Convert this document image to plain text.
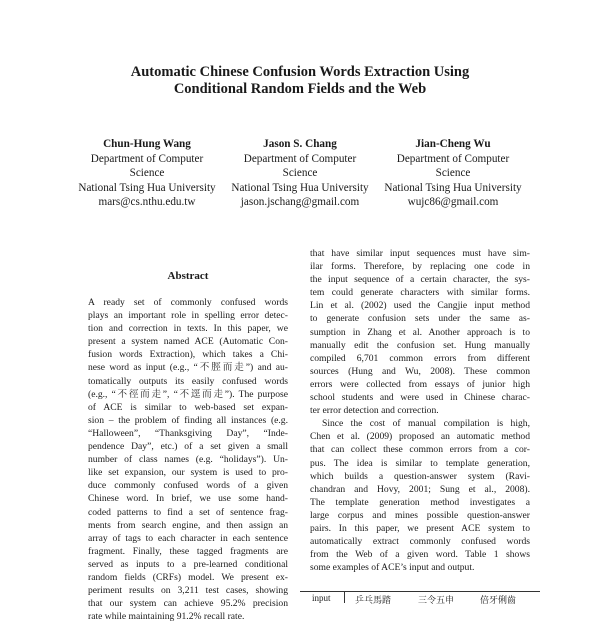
Automatic Chinese Confusion Words Extraction Using
Conditional Random Fields and the Web
Chun-Hung Wang
Department of Computer
Science
National Tsing Hua University
mars@cs.nthu.edu.tw
Jason S. Chang
Department of Computer
Science
National Tsing Hua University
jason.jschang@gmail.com
Jian-Cheng Wu
Department of Computer
Science
National Tsing Hua University
wujc86@gmail.com
Abstract
A ready set of commonly confused words
plays an important role in spelling error detec-
tion and correction in texts. In this paper, we
present a system named ACE (Automatic Con-
fusion words Extraction), which takes a Chi-
nese word as input (e.g., “不脛而走”) and au-
tomatically outputs its easily confused words
(e.g., “不徑而走”, “不逕而走”). The purpose
of ACE is similar to web-based set expan-
sion – the problem of finding all instances (e.g.
“Halloween”, “Thanksgiving Day”, “Inde-
pendence Day”, etc.) of a set given a small
number of class names (e.g. “holidays”). Un-
like set expansion, our system is used to pro-
duce commonly confused words of a given
Chinese word. In brief, we use some hand-
coded patterns to find a set of sentence frag-
ments from search engine, and then assign an
array of tags to each character in each sentence
fragment. Finally, these tagged fragments are
served as inputs to a pre-learned conditional
random fields (CRFs) model. We present ex-
periment results on 3,211 test cases, showing
that our system can achieve 95.2% precision
rate while maintaining 91.2% recall rate.
that have similar input sequences must have sim-
ilar forms. Therefore, by replacing one code in
the input sequence of a certain character, the sys-
tem could generate characters with similar forms.
Lin et al. (2002) used the Cangjie input method
to generate confusion sets under the same as-
sumption in Zhang et al. Another approach is to
manually edit the confusion set. Hung manually
compiled 6,701 common errors from different
sources (Hung and Wu, 2008). These common
errors were collected from essays of junior high
school students and were used in Chinese charac-
ter error detection and correction.
Since the cost of manual compilation is high,
Chen et al. (2009) proposed an automatic method
that can collect these common errors from a cor-
pus. The idea is similar to template generation,
which builds a question-answer system (Ravi-
chandran and Hovy, 2001; Sung et al., 2008).
The template generation method investigates a
large corpus and mines possible question-answer
pairs. In this paper, we present ACE system to
automatically extract commonly confused words
from the Web of a given word. Table 1 shows
some examples of ACE’s input and output.
input	乒乓馬踏	三令五申	倍牙俐齒
